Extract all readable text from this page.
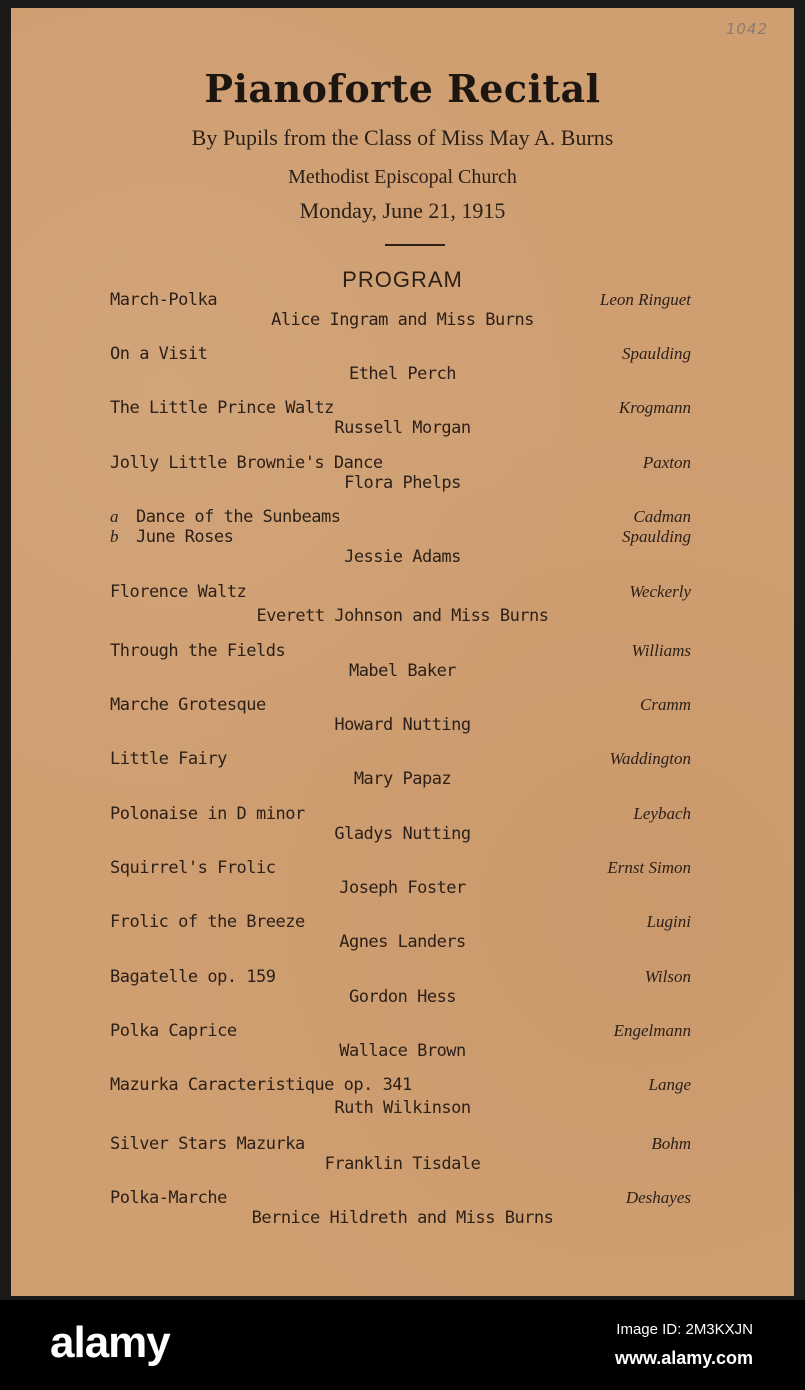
1042
Pianoforte Recital
By Pupils from the Class of Miss May A. Burns
Methodist Episcopal Church
Monday, June 21, 1915
PROGRAM
March-Polka	Leon Ringuet
Alice Ingram and Miss Burns
On a Visit	Spaulding
Ethel Perch
The Little Prince Waltz	Krogmann
Russell Morgan
Jolly Little Brownie's Dance	Paxton
Flora Phelps
a Dance of the Sunbeams	Cadman
b June Roses	Spaulding
Jessie Adams
Florence Waltz	Weckerly
Everett Johnson and Miss Burns
Through the Fields	Williams
Mabel Baker
Marche Grotesque	Cramm
Howard Nutting
Little Fairy	Waddington
Mary Papaz
Polonaise in D minor	Leybach
Gladys Nutting
Squirrel's Frolic	Ernst Simon
Joseph Foster
Frolic of the Breeze	Lugini
Agnes Landers
Bagatelle op. 159	Wilson
Gordon Hess
Polka Caprice	Engelmann
Wallace Brown
Mazurka Caracteristique op. 341	Lange
Ruth Wilkinson
Silver Stars Mazurka	Bohm
Franklin Tisdale
Polka-Marche	Deshayes
Bernice Hildreth and Miss Burns
alamy	Image ID: 2M3KXJN
www.alamy.com
